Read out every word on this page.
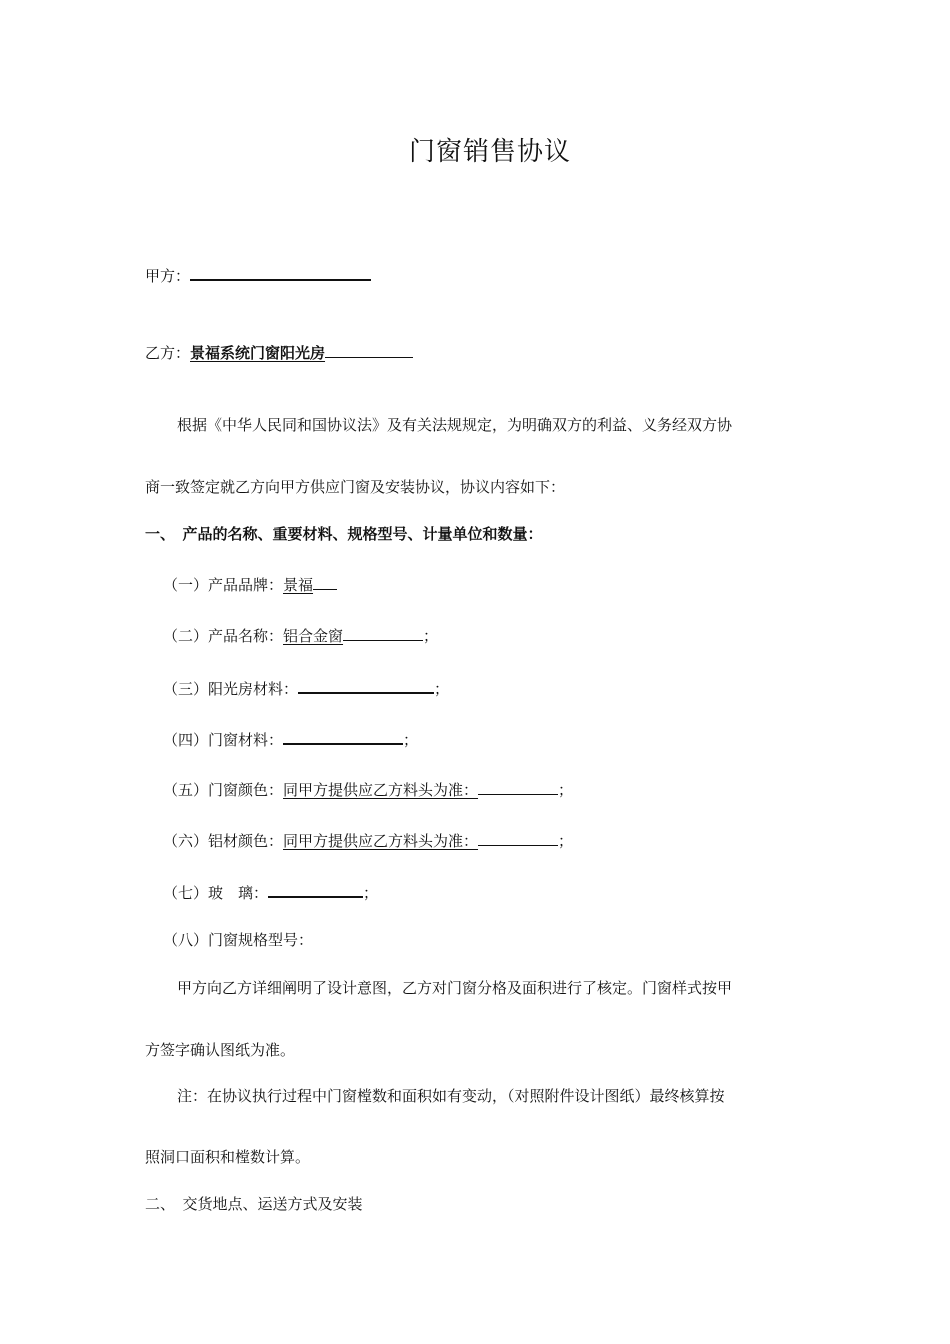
门窗销售协议
甲方：
乙方：景福系统门窗阳光房
根据《中华人民同和国协议法》及有关法规规定，为明确双方的利益、义务经双方协
商一致签定就乙方向甲方供应门窗及安装协议，协议内容如下：
一、　产品的名称、重要材料、规格型号、计量单位和数量：
（一）产品品牌：景福
（二）产品名称：铝合金窗	；
（三）阳光房材料：	；
（四）门窗材料：	；
（五）门窗颜色：同甲方提供应乙方料头为准：	；
（六）铝材颜色：同甲方提供应乙方料头为准：	；
（七）玻　璃：	；
（八）门窗规格型号：
甲方向乙方详细阐明了设计意图，乙方对门窗分格及面积进行了核定。门窗样式按甲
方签字确认图纸为准。
注：在协议执行过程中门窗樘数和面积如有变动，（对照附件设计图纸）最终核算按
照洞口面积和樘数计算。
二、　交货地点、运送方式及安装
